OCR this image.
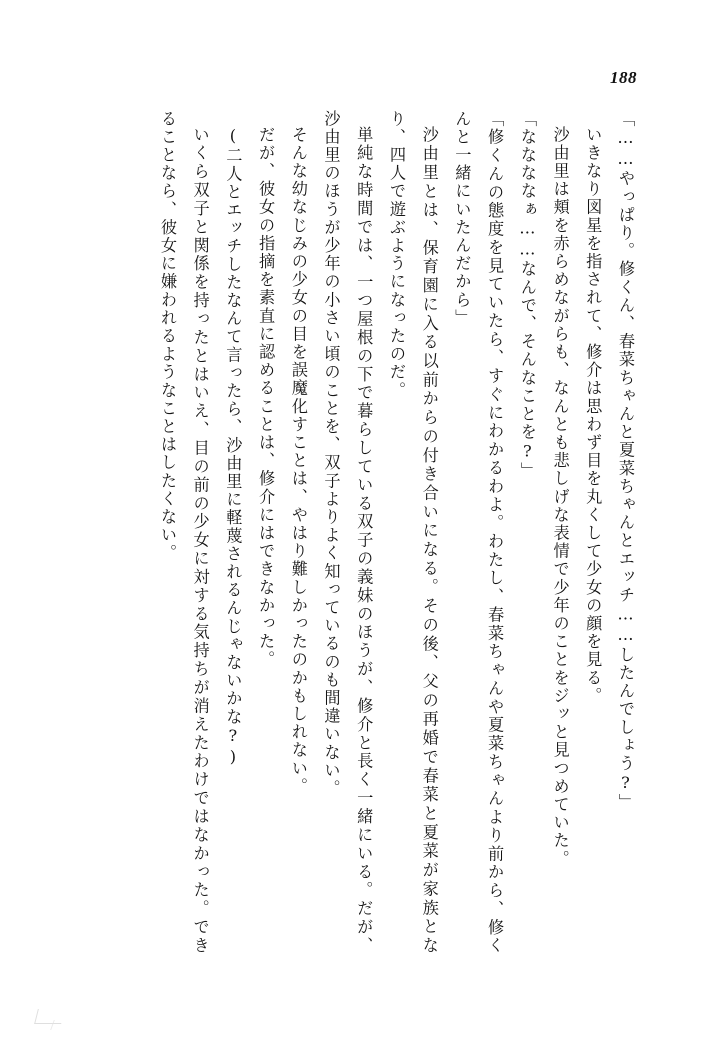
188

「……やっぱり。修くん、春菜ちゃんと夏菜ちゃんとエッチ……したんでしょう?」

いきなり図星を指されて、修介は思わず目を丸くして少女の顔を見る。

沙由里は頬を赤らめながらも、なんとも悲しげな表情で少年のことをジッと見つめていた。

「ななななぁ……なんで、そんなことを?」

「修くんの態度を見ていたら、すぐにわかるわよ。わたし、春菜ちゃんや夏菜ちゃんより前から、修くんと一緒にいたんだから」

沙由里とは、保育園に入る以前からの付き合いになる。その後、父の再婚で春菜と夏菜が家族となり、四人で遊ぶようになったのだ。

単純な時間では、一つ屋根の下で暮らしている双子の義妹のほうが、修介と長く一緒にいる。だが、沙由里のほうが少年の小さい頃のことを、双子よりよく知っているのも間違いない。

そんな幼なじみの少女の目を誤魔化すことは、やはり難しかったのかもしれない。

だが、彼女の指摘を素直に認めることは、修介にはできなかった。

(二人とエッチしたなんて言ったら、沙由里に軽蔑されるんじゃないかな?)

いくら双子と関係を持ったとはいえ、目の前の少女に対する気持ちが消えたわけではなかった。できることなら、彼女に嫌われるようなことはしたくない。
